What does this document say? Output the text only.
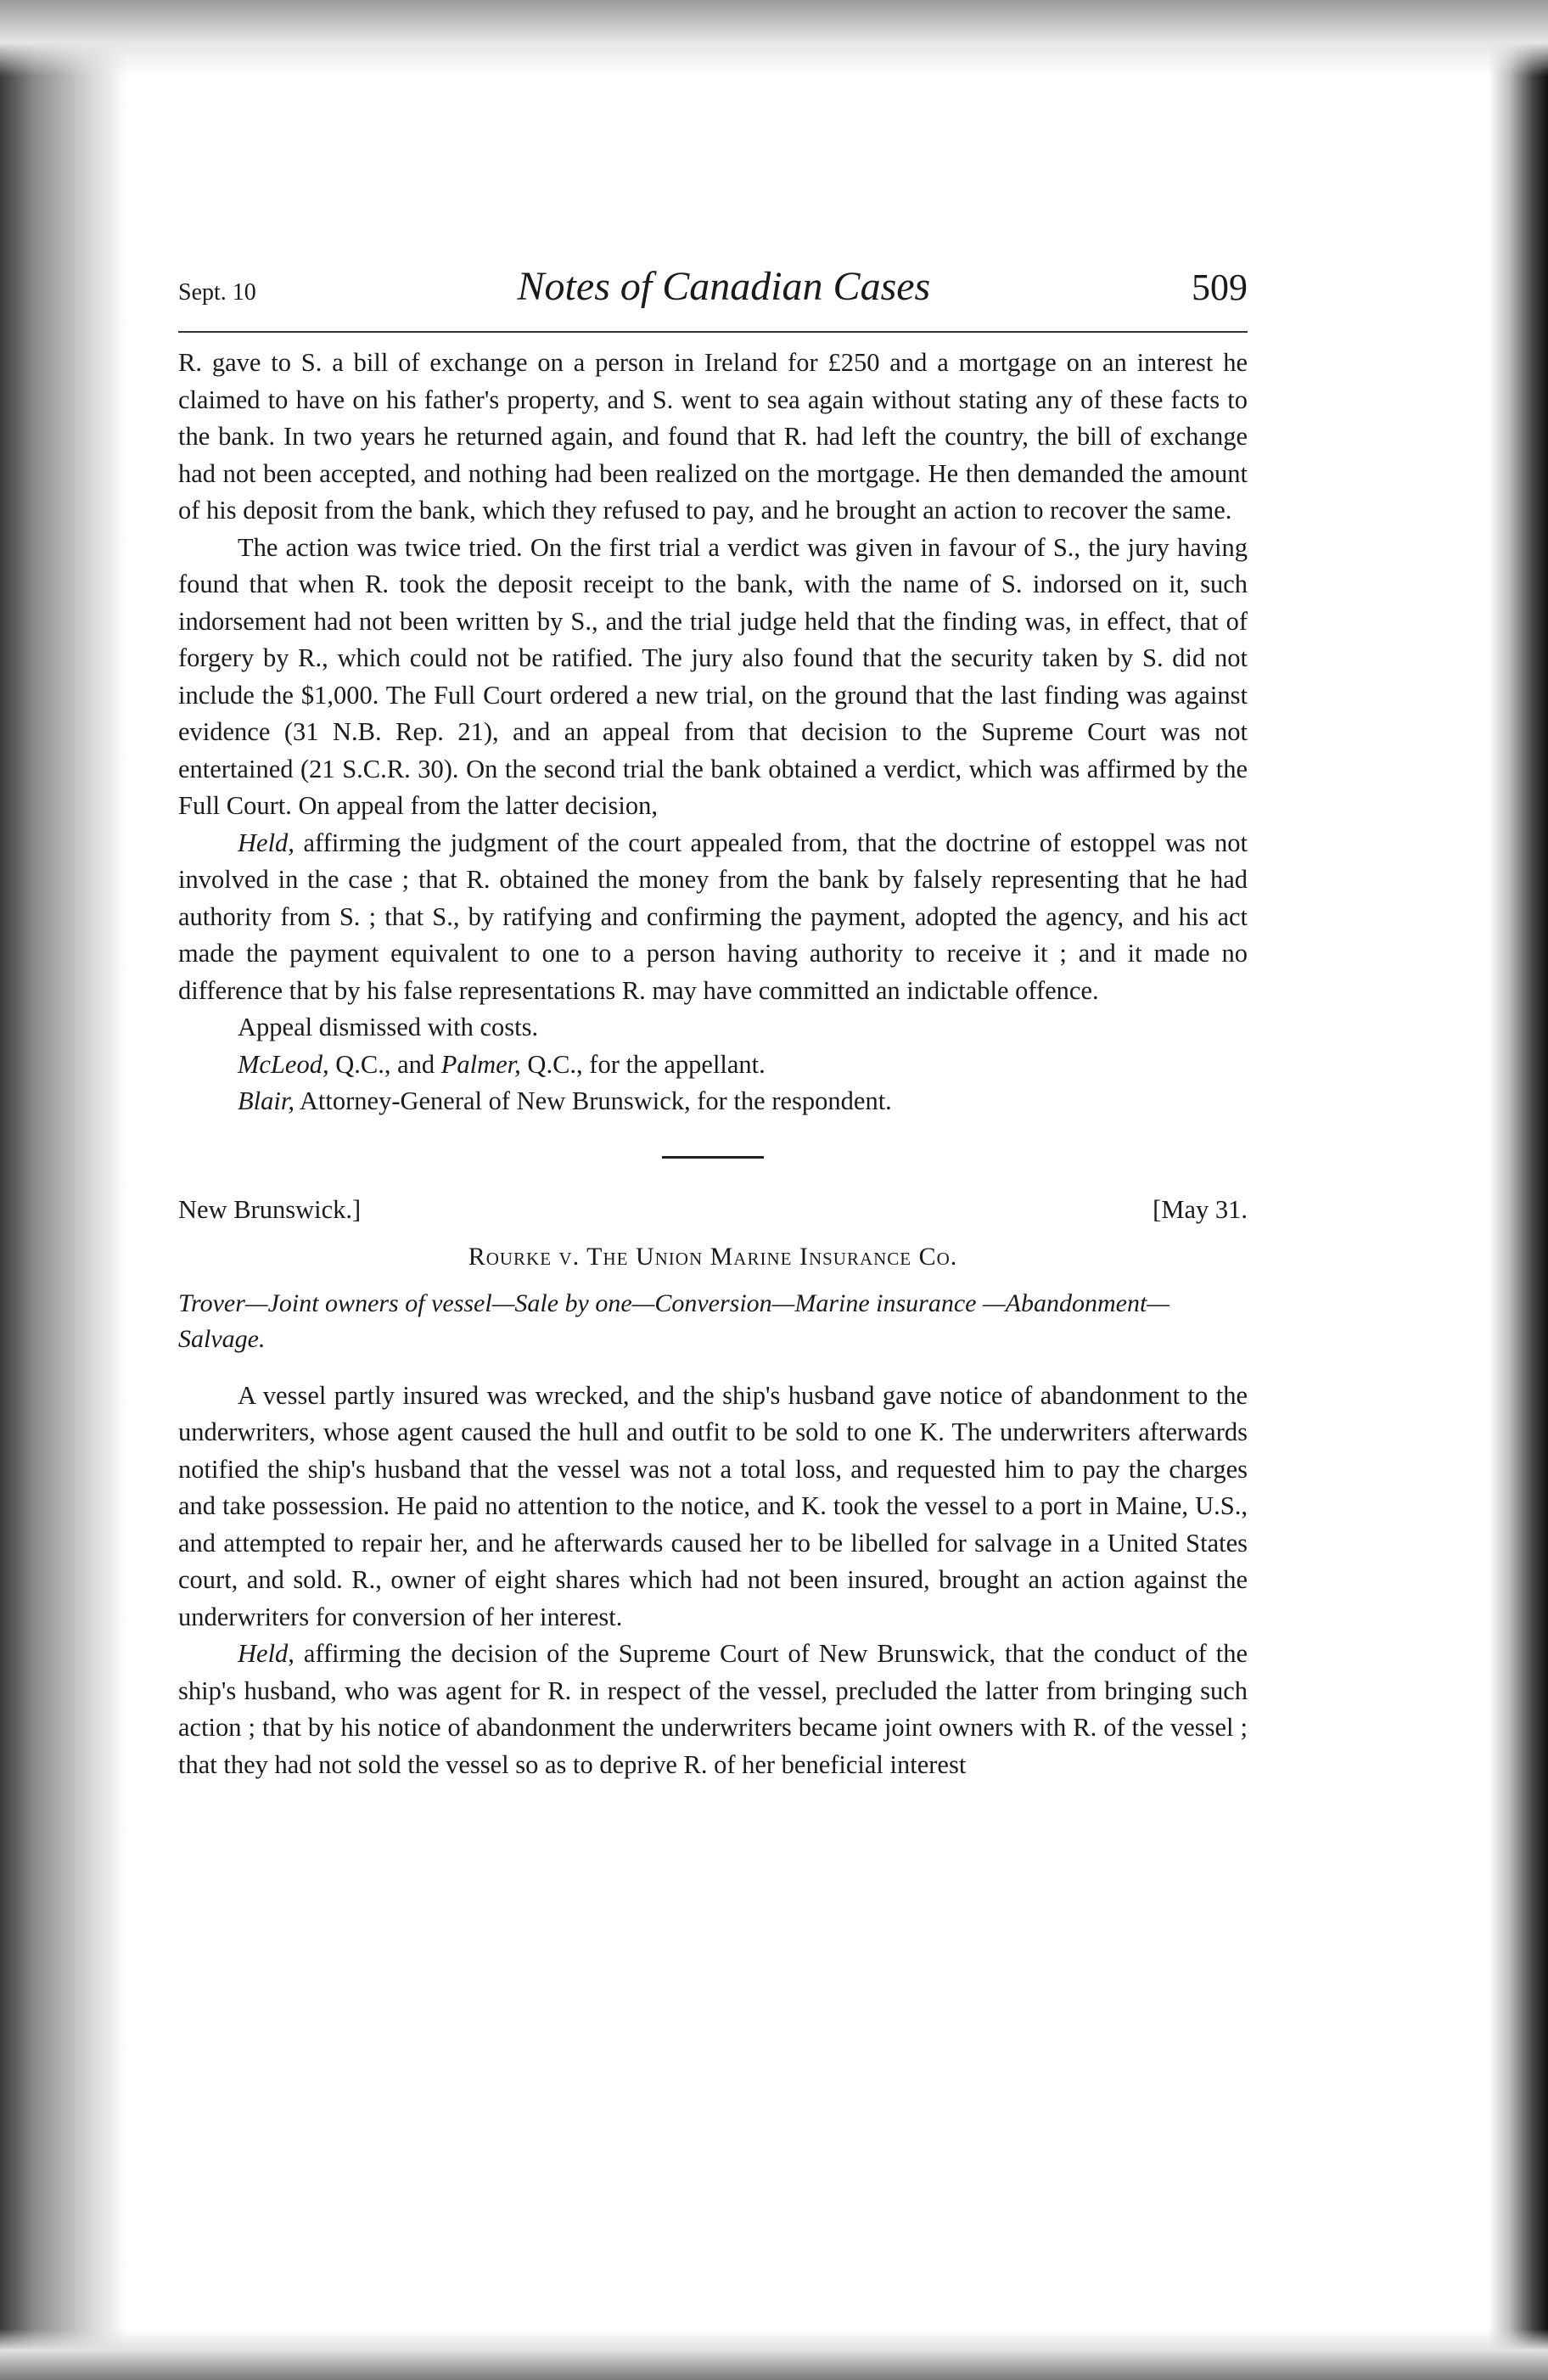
Sept. 10	Notes of Canadian Cases	509

R. gave to S. a bill of exchange on a person in Ireland for £250 and a mortgage on an interest he claimed to have on his father's property, and S. went to sea again without stating any of these facts to the bank. In two years he returned again, and found that R. had left the country, the bill of exchange had not been accepted, and nothing had been realized on the mortgage. He then demanded the amount of his deposit from the bank, which they refused to pay, and he brought an action to recover the same.

The action was twice tried. On the first trial a verdict was given in favour of S., the jury having found that when R. took the deposit receipt to the bank, with the name of S. indorsed on it, such indorsement had not been written by S., and the trial judge held that the finding was, in effect, that of forgery by R., which could not be ratified. The jury also found that the security taken by S. did not include the $1,000. The Full Court ordered a new trial, on the ground that the last finding was against evidence (31 N.B. Rep. 21), and an appeal from that decision to the Supreme Court was not entertained (21 S.C.R. 30). On the second trial the bank obtained a verdict, which was affirmed by the Full Court. On appeal from the latter decision,

Held, affirming the judgment of the court appealed from, that the doctrine of estoppel was not involved in the case ; that R. obtained the money from the bank by falsely representing that he had authority from S. ; that S., by ratifying and confirming the payment, adopted the agency, and his act made the payment equivalent to one to a person having authority to receive it ; and it made no difference that by his false representations R. may have committed an indictable offence.

Appeal dismissed with costs.

McLeod, Q.C., and Palmer, Q.C., for the appellant.

Blair, Attorney-General of New Brunswick, for the respondent.

New Brunswick.]	[May 31.
Rourke v. The Union Marine Insurance Co.

Trover—Joint owners of vessel—Sale by one—Conversion—Marine insurance —Abandonment—Salvage.

A vessel partly insured was wrecked, and the ship's husband gave notice of abandonment to the underwriters, whose agent caused the hull and outfit to be sold to one K. The underwriters afterwards notified the ship's husband that the vessel was not a total loss, and requested him to pay the charges and take possession. He paid no attention to the notice, and K. took the vessel to a port in Maine, U.S., and attempted to repair her, and he afterwards caused her to be libelled for salvage in a United States court, and sold. R., owner of eight shares which had not been insured, brought an action against the underwriters for conversion of her interest.

Held, affirming the decision of the Supreme Court of New Brunswick, that the conduct of the ship's husband, who was agent for R. in respect of the vessel, precluded the latter from bringing such action ; that by his notice of abandonment the underwriters became joint owners with R. of the vessel ; that they had not sold the vessel so as to deprive R. of her beneficial interest
